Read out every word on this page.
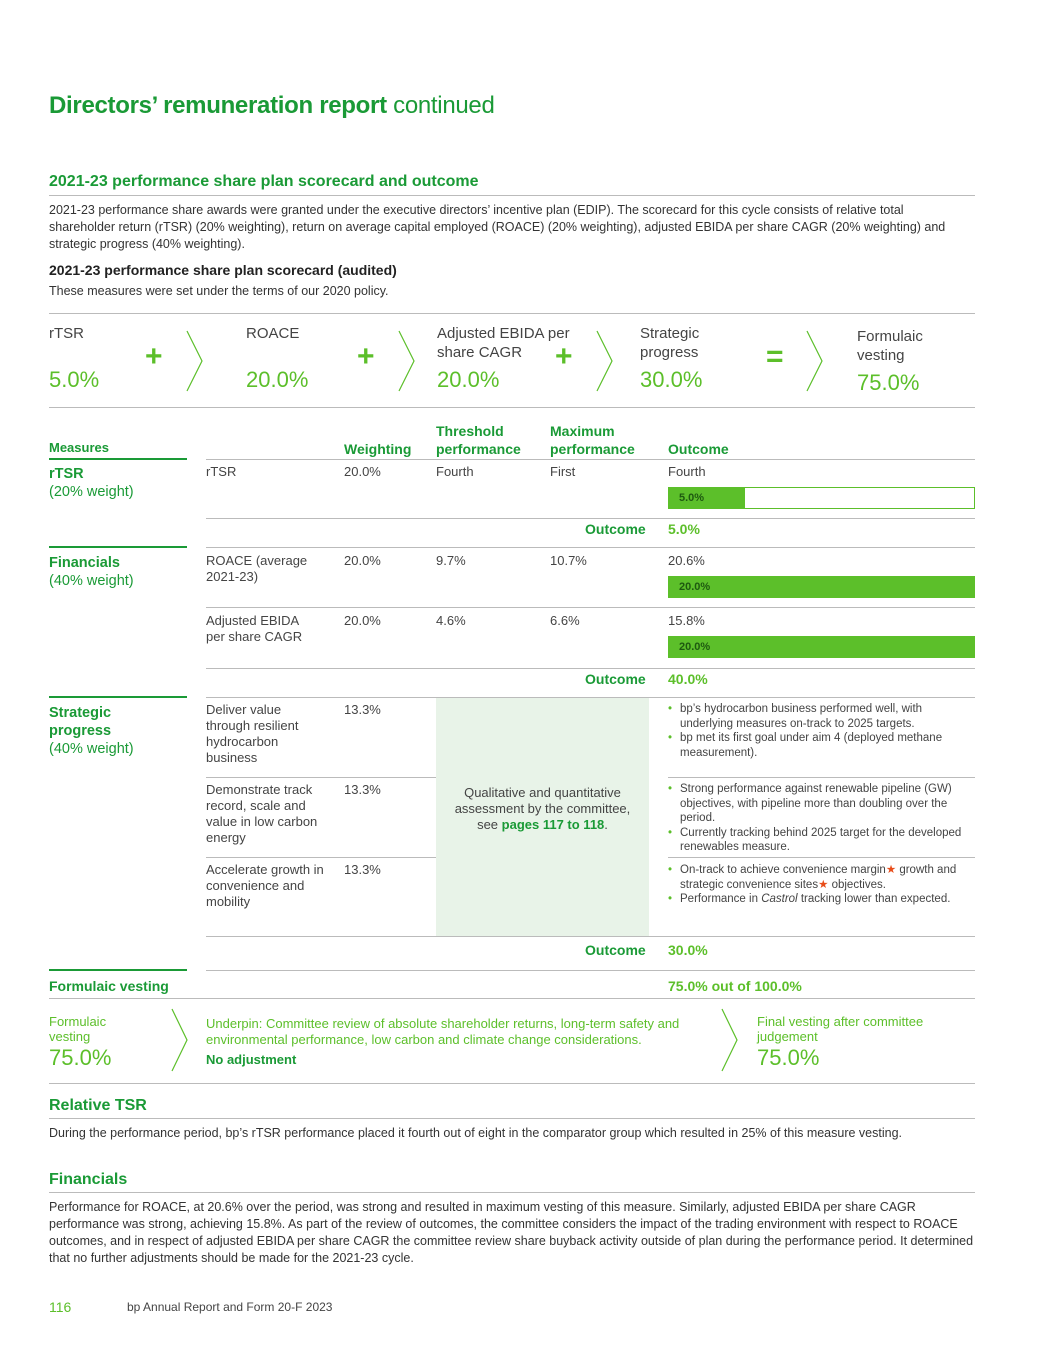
Directors’ remuneration report continued
2021-23 performance share plan scorecard and outcome
2021-23 performance share awards were granted under the executive directors’ incentive plan (EDIP). The scorecard for this cycle consists of relative total shareholder return (rTSR) (20% weighting), return on average capital employed (ROACE) (20% weighting), adjusted EBIDA per share CAGR (20% weighting) and strategic progress (40% weighting).
2021-23 performance share plan scorecard (audited)
These measures were set under the terms of our 2020 policy.
rTSR
5.0%
+
ROACE
20.0%
+
Adjusted EBIDA per share CAGR
20.0%
+
Strategic progress
30.0%
=
Formulaic vesting
75.0%
Measures	Weighting
Threshold performance
Maximum performance	Outcome
rTSR
(20% weight)
rTSR	20.0%	Fourth	First	Fourth
5.0%
Outcome 5.0%
Financials
(40% weight)
ROACE (average 2021-23)
20.0%	9.7%	10.7%	20.6%
20.0%
Adjusted EBIDA per share CAGR
20.0%	4.6%	6.6%	15.8%
20.0%
Outcome 40.0%
Strategic progress
(40% weight)
Qualitative and quantitative assessment by the committee,
see pages 117 to 118.
Deliver value through resilient hydrocarbon business
13.3%	• bp’s hydrocarbon business performed well, with underlying measures on-track to 2025 targets.
• bp met its first goal under aim 4 (deployed methane measurement).
Demonstrate track record, scale and value in low carbon energy
13.3%	• Strong performance against renewable pipeline (GW) objectives, with pipeline more than doubling over the period.
• Currently tracking behind 2025 target for the developed renewables measure.
Accelerate growth in convenience and mobility
13.3%	• On-track to achieve convenience margin★ growth and strategic convenience sites★ objectives.
• Performance in Castrol tracking lower than expected.
Outcome 30.0%
Formulaic vesting	75.0% out of 100.0%
Formulaic vesting
75.0%
Underpin: Committee review of absolute shareholder returns, long-term safety and environmental performance, low carbon and climate change considerations.
No adjustment
Final vesting after committee judgement
75.0%
Relative TSR
During the performance period, bp’s rTSR performance placed it fourth out of eight in the comparator group which resulted in 25% of this measure vesting.
Financials
Performance for ROACE, at 20.6% over the period, was strong and resulted in maximum vesting of this measure. Similarly, adjusted EBIDA per share CAGR performance was strong, achieving 15.8%. As part of the review of outcomes, the committee considers the impact of the trading environment with respect to ROACE outcomes, and in respect of adjusted EBIDA per share CAGR the committee review share buyback activity outside of plan during the performance period. It determined that no further adjustments should be made for the 2021-23 cycle.
116	bp Annual Report and Form 20-F 2023
